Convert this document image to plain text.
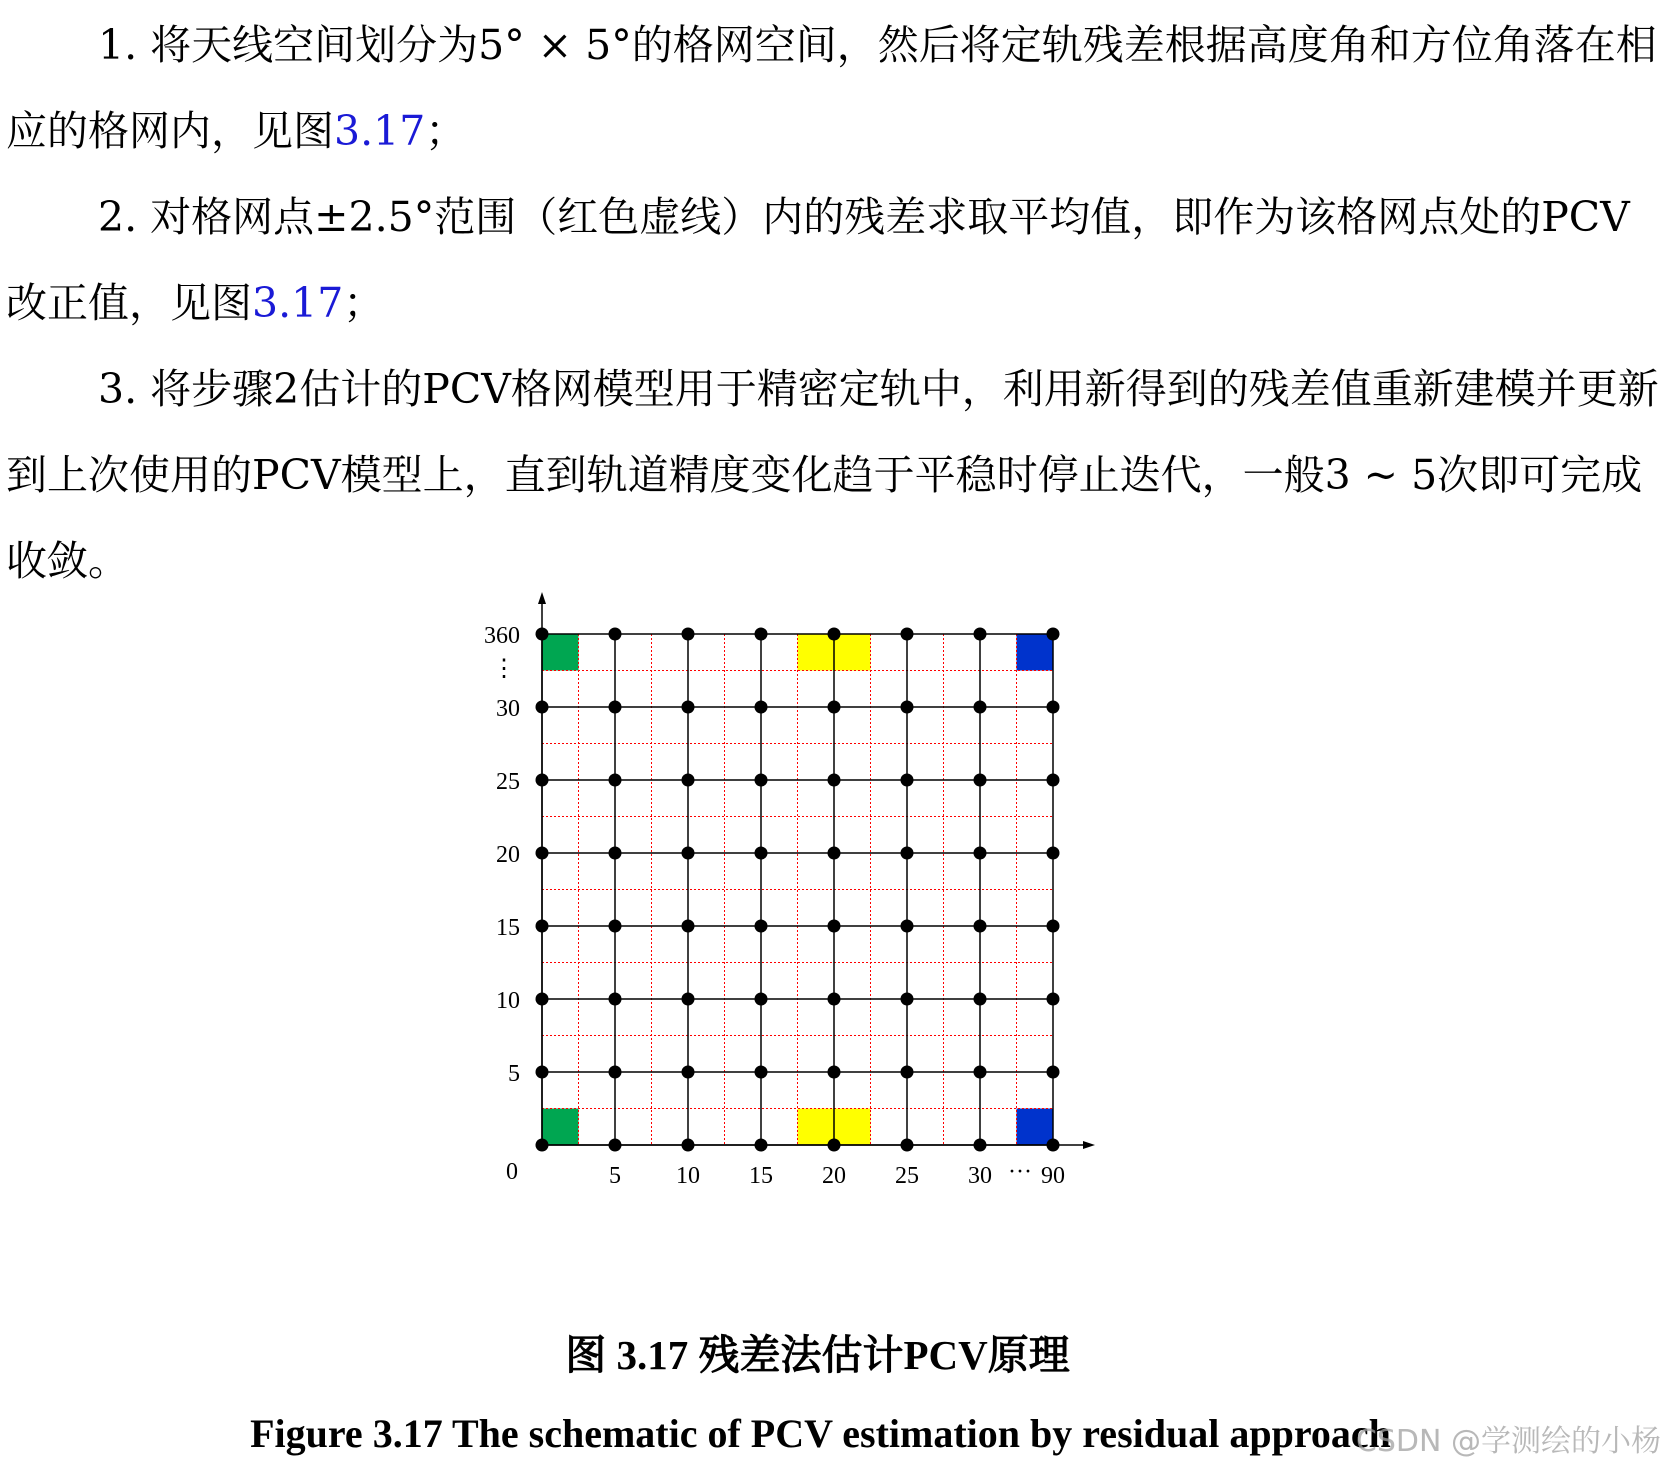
1. 将天线空间划分为5° × 5°的格网空间，然后将定轨残差根据高度角和方位角落在相应的格网内，见图3.17；

2. 对格网点±2.5°范围（红色虚线）内的残差求取平均值，即作为该格网点处的PCV改正值，见图3.17；

3. 将步骤2估计的PCV格网模型用于精密定轨中，利用新得到的残差值重新建模并更新到上次使用的PCV模型上，直到轨道精度变化趋于平稳时停止迭代，一般3 ~ 5次即可完成收敛。

0	5 10 15 20 25 30 90
···
5
10
15
20
25
30
360
⋮
图 3.17 残差法估计PCV原理
Figure 3.17 The schematic of PCV estimation by residual approach
CSDN @学测绘的小杨
